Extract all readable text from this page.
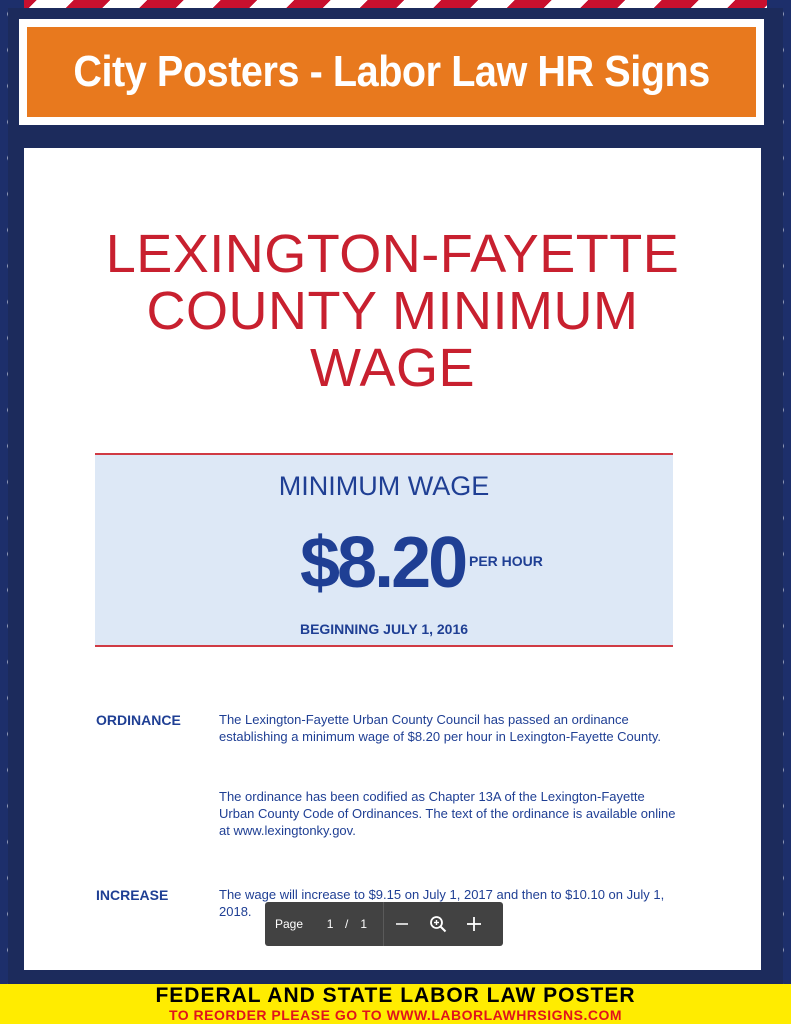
City Posters - Labor Law HR Signs
LEXINGTON-FAYETTE
COUNTY MINIMUM
WAGE
MINIMUM WAGE
$8.20 PER HOUR
BEGINNING JULY 1, 2016
ORDINANCE	The Lexington-Fayette Urban County Council has passed an ordinance establishing a minimum wage of $8.20 per hour in Lexington-Fayette County.
The ordinance has been codified as Chapter 13A of the Lexington-Fayette Urban County Code of Ordinances. The text of the ordinance is available online at www.lexingtonky.gov.
INCREASE	The wage will increase to $9.15 on July 1, 2017 and then to $10.10 on July 1, 2018.
Page	1 / 1
FEDERAL AND STATE LABOR LAW POSTER
TO REORDER PLEASE GO TO WWW.LABORLAWHRSIGNS.COM
